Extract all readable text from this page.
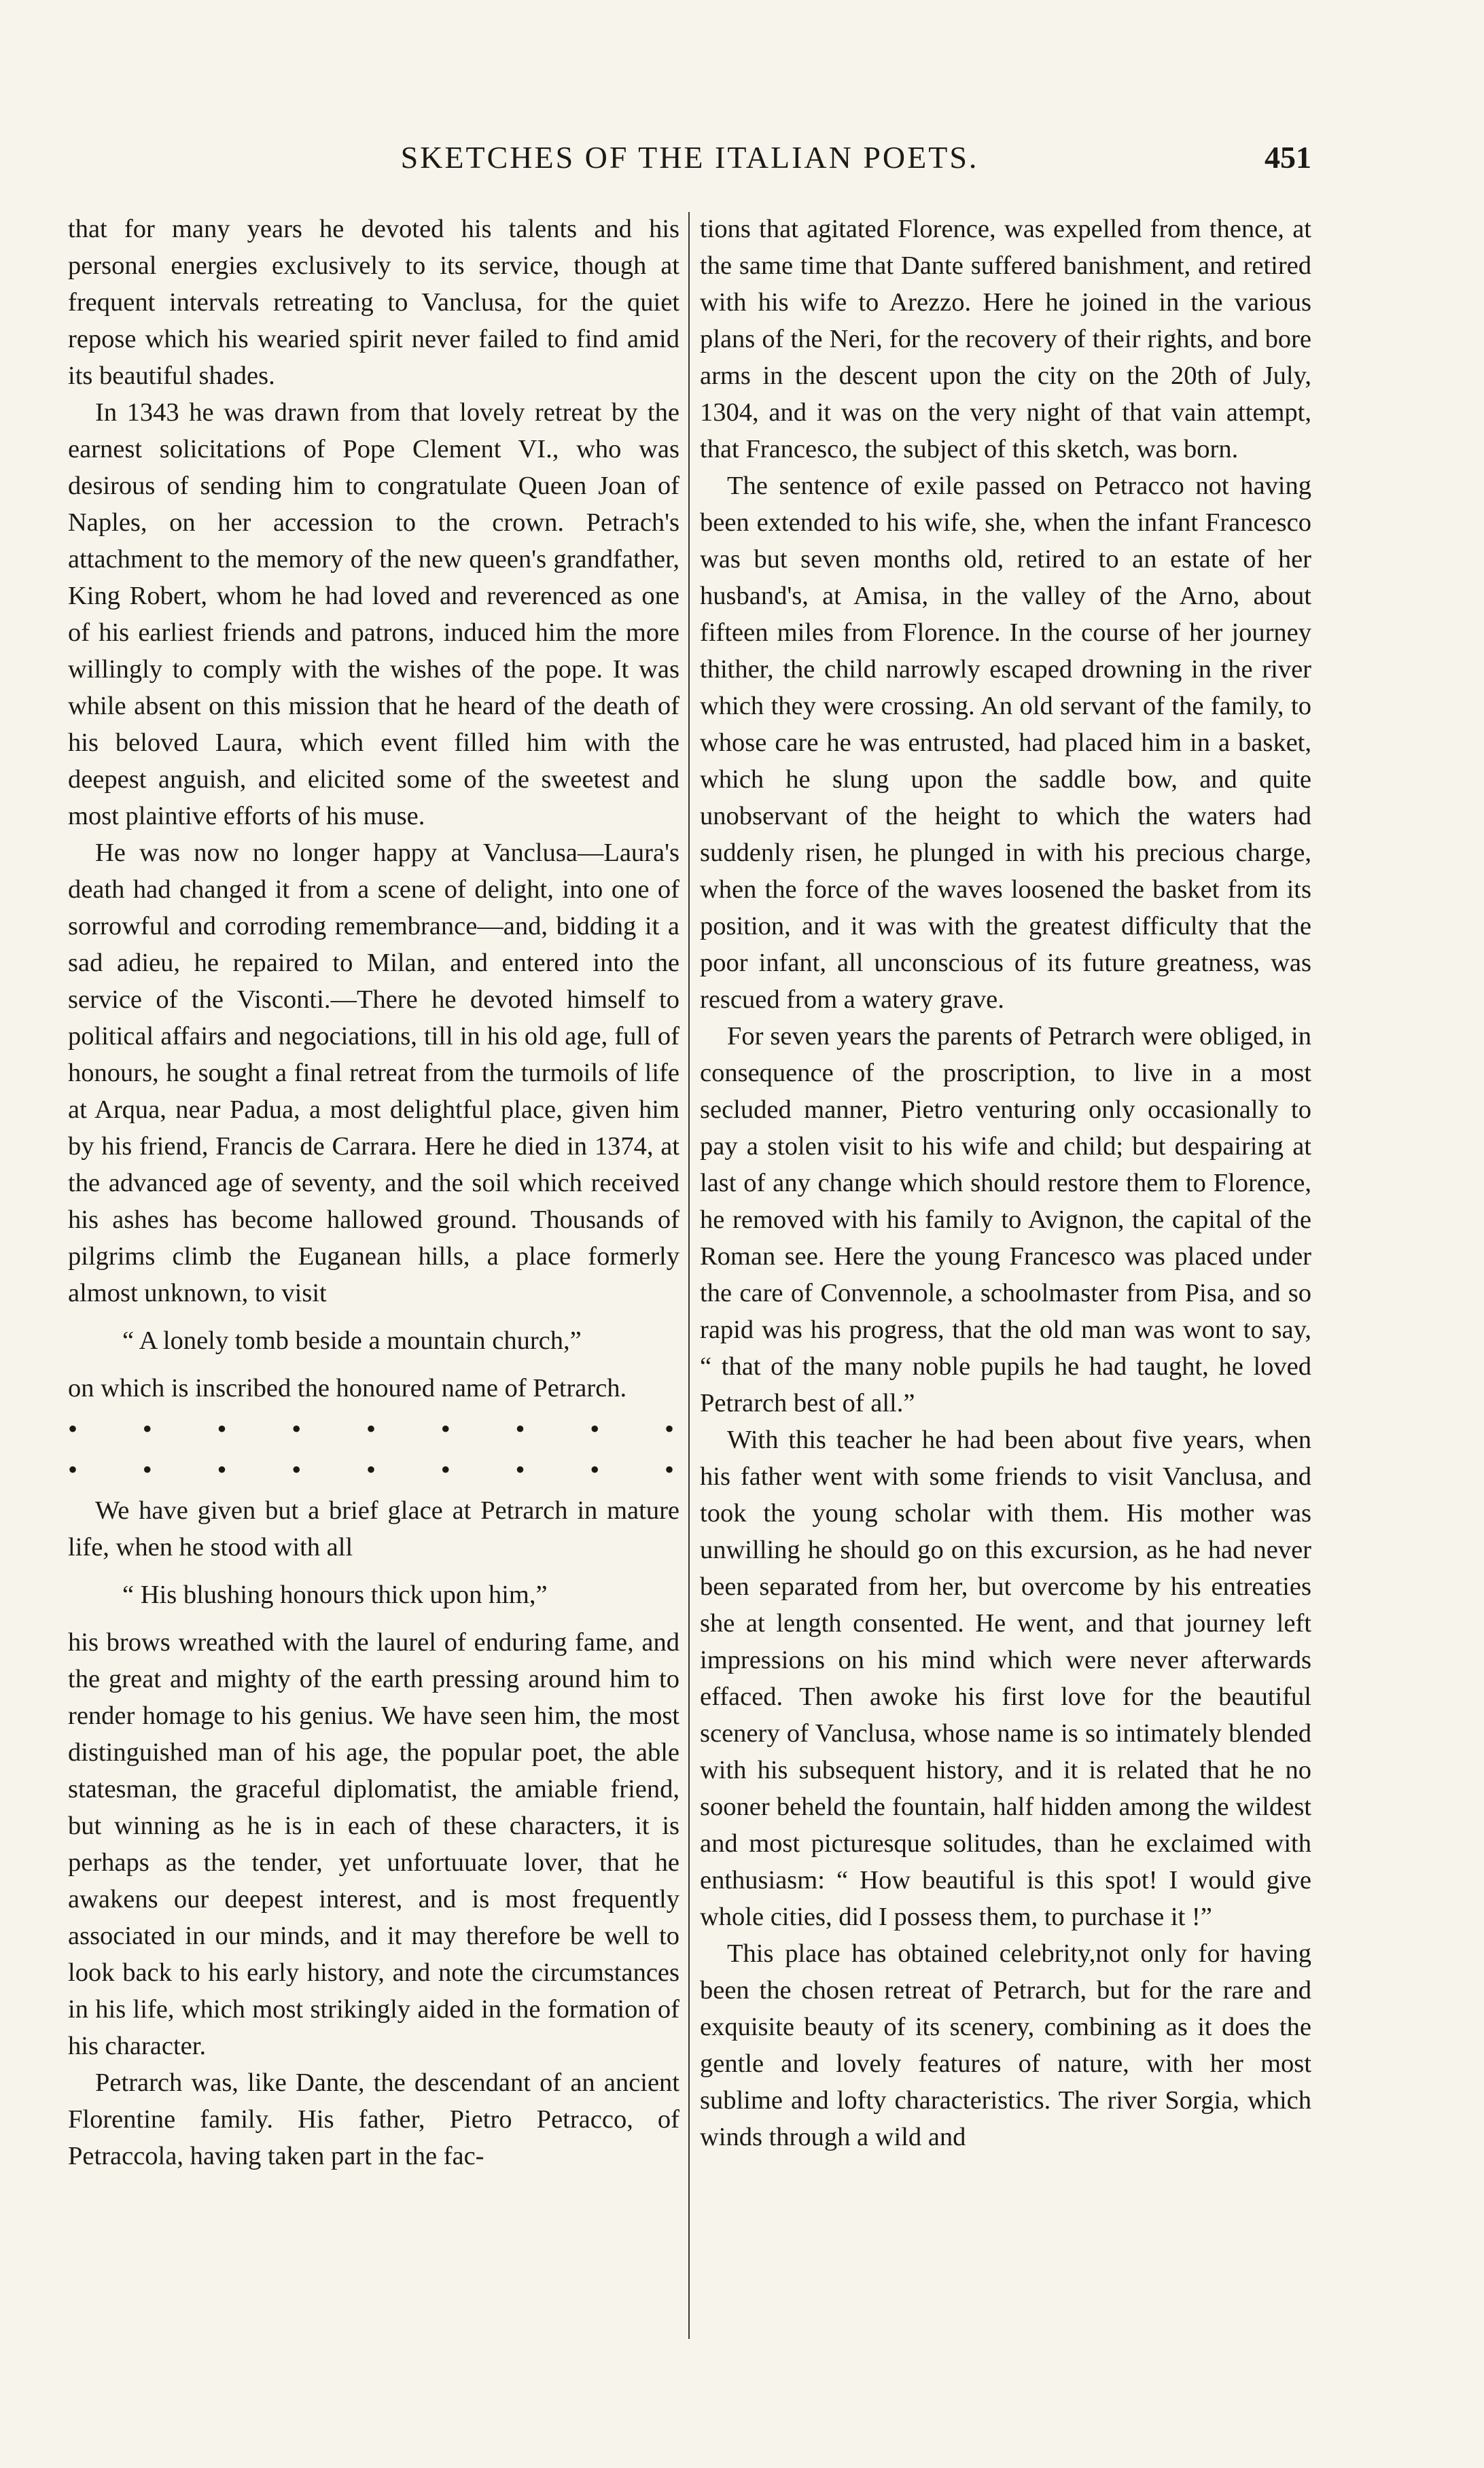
SKETCHES OF THE ITALIAN POETS.	451

that for many years he devoted his talents and his personal energies exclusively to its service, though at frequent intervals retreating to Vanclusa, for the quiet repose which his wearied spirit never failed to find amid its beautiful shades.

In 1343 he was drawn from that lovely retreat by the earnest solicitations of Pope Clement VI., who was desirous of sending him to congratulate Queen Joan of Naples, on her accession to the crown. Petrach's attachment to the memory of the new queen's grandfather, King Robert, whom he had loved and reverenced as one of his earliest friends and patrons, induced him the more willingly to comply with the wishes of the pope. It was while absent on this mission that he heard of the death of his beloved Laura, which event filled him with the deepest anguish, and elicited some of the sweetest and most plaintive efforts of his muse.

He was now no longer happy at Vanclusa—Laura's death had changed it from a scene of delight, into one of sorrowful and corroding remembrance—and, bidding it a sad adieu, he repaired to Milan, and entered into the service of the Visconti.—There he devoted himself to political affairs and negociations, till in his old age, full of honours, he sought a final retreat from the turmoils of life at Arqua, near Padua, a most delightful place, given him by his friend, Francis de Carrara. Here he died in 1374, at the advanced age of seventy, and the soil which received his ashes has become hallowed ground. Thousands of pilgrims climb the Euganean hills, a place formerly almost unknown, to visit

“ A lonely tomb beside a mountain church,”

on which is inscribed the honoured name of Petrarch.

• • • • • • • • •
• • • • • • • • •

We have given but a brief glace at Petrarch in mature life, when he stood with all

“ His blushing honours thick upon him,”

his brows wreathed with the laurel of enduring fame, and the great and mighty of the earth pressing around him to render homage to his genius. We have seen him, the most distinguished man of his age, the popular poet, the able statesman, the graceful diplomatist, the amiable friend, but winning as he is in each of these characters, it is perhaps as the tender, yet unfortuuate lover, that he awakens our deepest interest, and is most frequently associated in our minds, and it may therefore be well to look back to his early history, and note the circumstances in his life, which most strikingly aided in the formation of his character.

Petrarch was, like Dante, the descendant of an ancient Florentine family. His father, Pietro Petracco, of Petraccola, having taken part in the fac-

tions that agitated Florence, was expelled from thence, at the same time that Dante suffered banishment, and retired with his wife to Arezzo. Here he joined in the various plans of the Neri, for the recovery of their rights, and bore arms in the descent upon the city on the 20th of July, 1304, and it was on the very night of that vain attempt, that Francesco, the subject of this sketch, was born.

The sentence of exile passed on Petracco not having been extended to his wife, she, when the infant Francesco was but seven months old, retired to an estate of her husband's, at Amisa, in the valley of the Arno, about fifteen miles from Florence. In the course of her journey thither, the child narrowly escaped drowning in the river which they were crossing. An old servant of the family, to whose care he was entrusted, had placed him in a basket, which he slung upon the saddle bow, and quite unobservant of the height to which the waters had suddenly risen, he plunged in with his precious charge, when the force of the waves loosened the basket from its position, and it was with the greatest difficulty that the poor infant, all unconscious of its future greatness, was rescued from a watery grave.

For seven years the parents of Petrarch were obliged, in consequence of the proscription, to live in a most secluded manner, Pietro venturing only occasionally to pay a stolen visit to his wife and child; but despairing at last of any change which should restore them to Florence, he removed with his family to Avignon, the capital of the Roman see. Here the young Francesco was placed under the care of Convennole, a schoolmaster from Pisa, and so rapid was his progress, that the old man was wont to say, “ that of the many noble pupils he had taught, he loved Petrarch best of all.”

With this teacher he had been about five years, when his father went with some friends to visit Vanclusa, and took the young scholar with them. His mother was unwilling he should go on this excursion, as he had never been separated from her, but overcome by his entreaties she at length consented. He went, and that journey left impressions on his mind which were never afterwards effaced. Then awoke his first love for the beautiful scenery of Vanclusa, whose name is so intimately blended with his subsequent history, and it is related that he no sooner beheld the fountain, half hidden among the wildest and most picturesque solitudes, than he exclaimed with enthusiasm: “ How beautiful is this spot! I would give whole cities, did I possess them, to purchase it !”

This place has obtained celebrity,not only for having been the chosen retreat of Petrarch, but for the rare and exquisite beauty of its scenery, combining as it does the gentle and lovely features of nature, with her most sublime and lofty characteristics. The river Sorgia, which winds through a wild and
